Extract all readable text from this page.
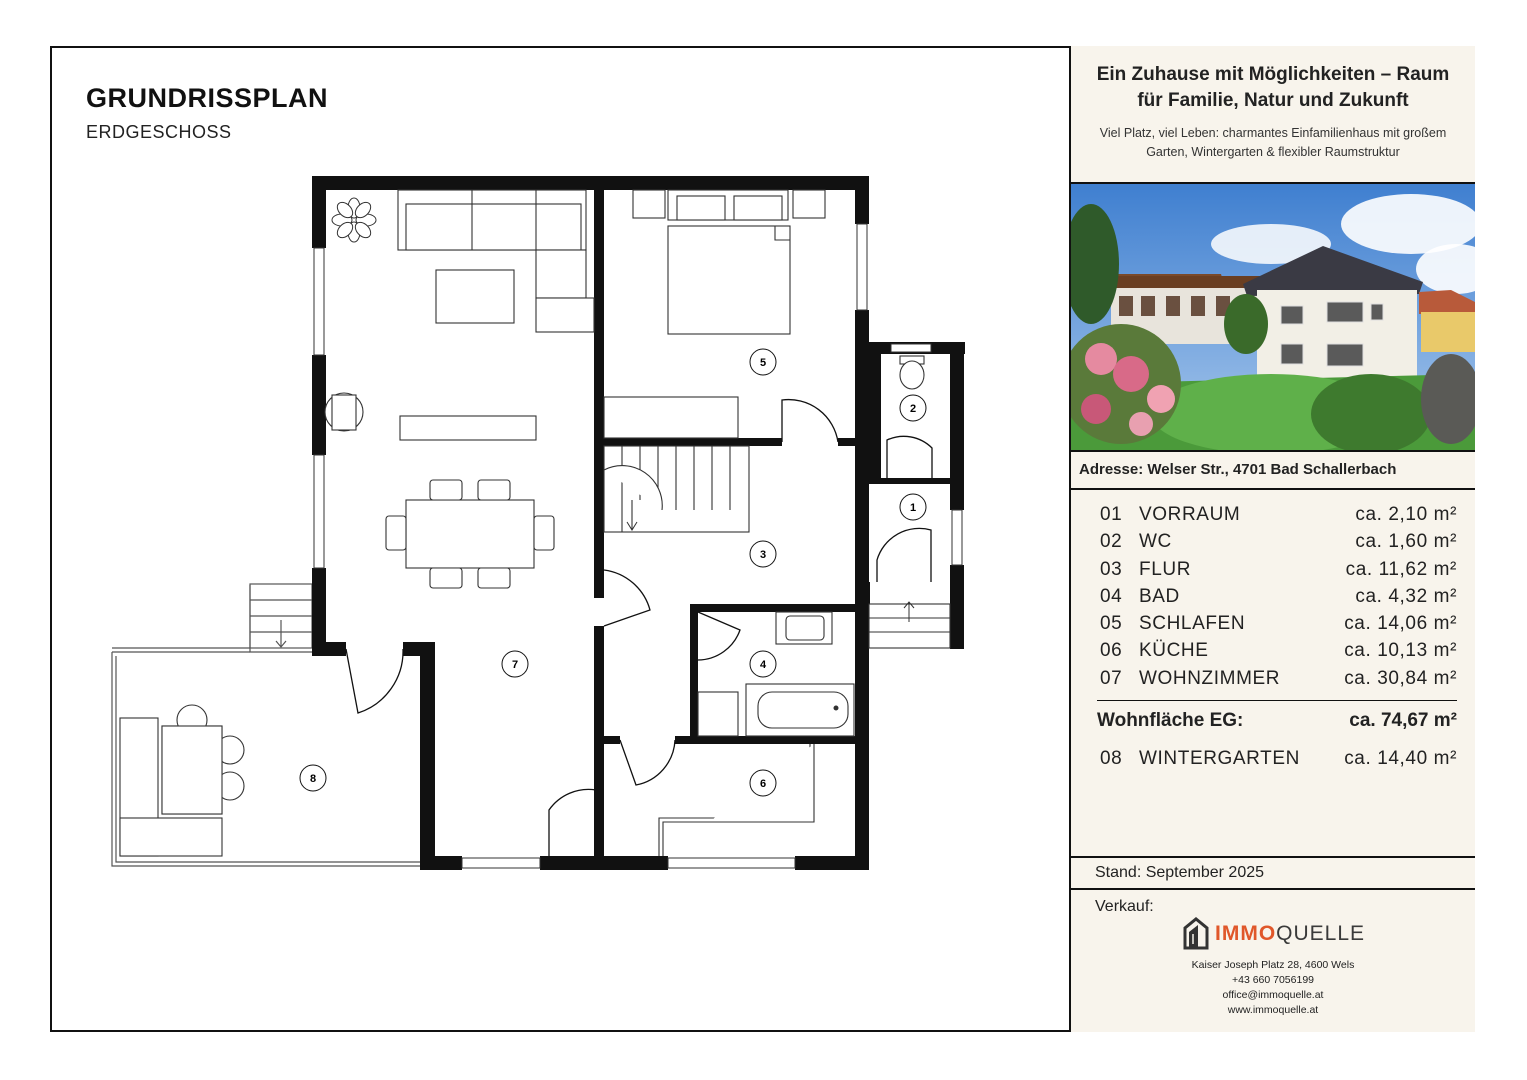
GRUNDRISSPLAN
ERDGESCHOSS
1
2
3
4
5
6
7
8
Ein Zuhause mit Möglichkeiten – Raum für Familie, Natur und Zukunft
Viel Platz, viel Leben: charmantes Einfamilienhaus mit großem Garten, Wintergarten & flexibler Raumstruktur
Adresse: Welser Str., 4701 Bad Schallerbach
01 VORRAUM	ca. 2,10 m²
02 WC	ca. 1,60 m²
03 FLUR	ca. 11,62 m²
04 BAD	ca. 4,32 m²
05 SCHLAFEN	ca. 14,06 m²
06 KÜCHE	ca. 10,13 m²
07 WOHNZIMMER	ca. 30,84 m²
Wohnfläche EG:	ca. 74,67 m²
08 WINTERGARTEN ca. 14,40 m²
Stand: September 2025
Verkauf:
IMMOQUELLE
Kaiser Joseph Platz 28, 4600 Wels
+43 660 7056199
office@immoquelle.at
www.immoquelle.at
